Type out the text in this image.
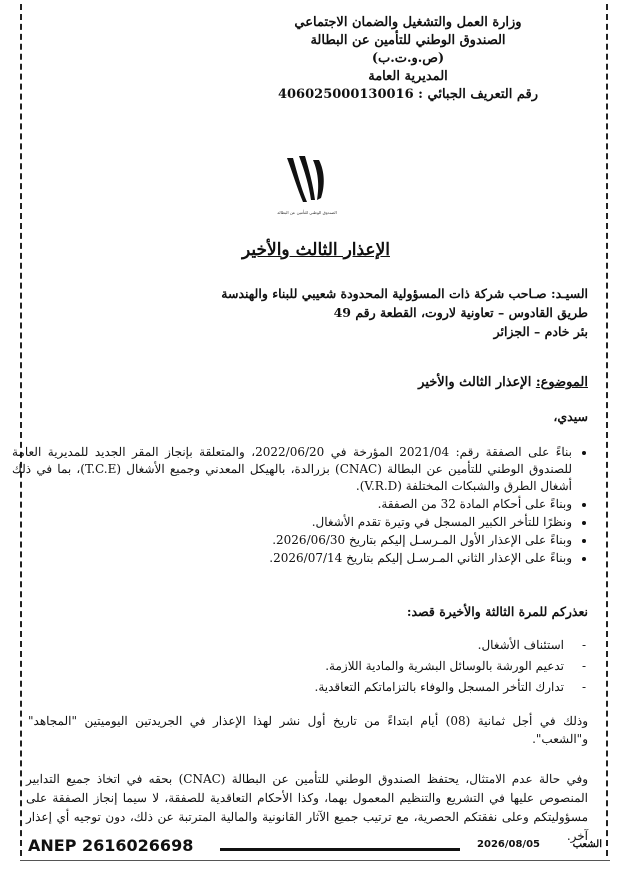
وزارة العمل والتشغيل والضمان الاجتماعي
الصندوق الوطني للتأمين عن البطالة
(ص.و.ت.ب)
المديرية العامة
رقم التعريف الجبائي : 406025000130016
الصندوق الوطني للتأمين عن البطالة
الإعذار الثالث والأخير
السيـد: صـاحب شركة ذات المسؤولية المحدودة شعيبي للبناء والهندسة
طريق القادوس – تعاونية لاروت، القطعة رقم 49
بئر خادم – الجزائر
الموضوع: الإعذار الثالث والأخير
سيدي،
• بناءً على الصفقة رقم: 2021/04 المؤرخة في 2022/06/20، والمتعلقة بإنجاز المقر الجديد للمديرية العامة للصندوق الوطني للتأمين عن البطالة (CNAC) بزرالدة، بالهيكل المعدني وجميع الأشغال (T.C.E)، بما في ذلك أشغال الطرق والشبكات المختلفة (V.R.D).
• وبناءً على أحكام المادة 32 من الصفقة.
• ونظرًا للتأخر الكبير المسجل في وتيرة تقدم الأشغال.
• وبناءً على الإعذار الأول المـرسـل إليكم بتاريخ 2026/06/30.
• وبناءً على الإعذار الثاني المـرسـل إليكم بتاريخ 2026/07/14.
نعذركم للمرة الثالثة والأخيرة قصد:
- استئناف الأشغال.
- تدعيم الورشة بالوسائل البشرية والمادية اللازمة.
- تدارك التأخر المسجل والوفاء بالتزاماتكم التعاقدية.
وذلك في أجل ثمانية (08) أيام ابتداءً من تاريخ أول نشر لهذا الإعذار في الجريدتين اليوميتين "المجاهد" و"الشعب".
وفي حالة عدم الامتثال، يحتفظ الصندوق الوطني للتأمين عن البطالة (CNAC) بحقه في اتخاذ جميع التدابير المنصوص عليها في التشريع والتنظيم المعمول بهما، وكذا الأحكام التعاقدية للصفقة، لا سيما إنجاز الصفقة على مسؤوليتكم وعلى نفقتكم الحصرية، مع ترتيب جميع الآثار القانونية والمالية المترتبة عن ذلك، دون توجيه أي إعذار آخر.
ANEP 2616026698	2026/08/05	الشعب
